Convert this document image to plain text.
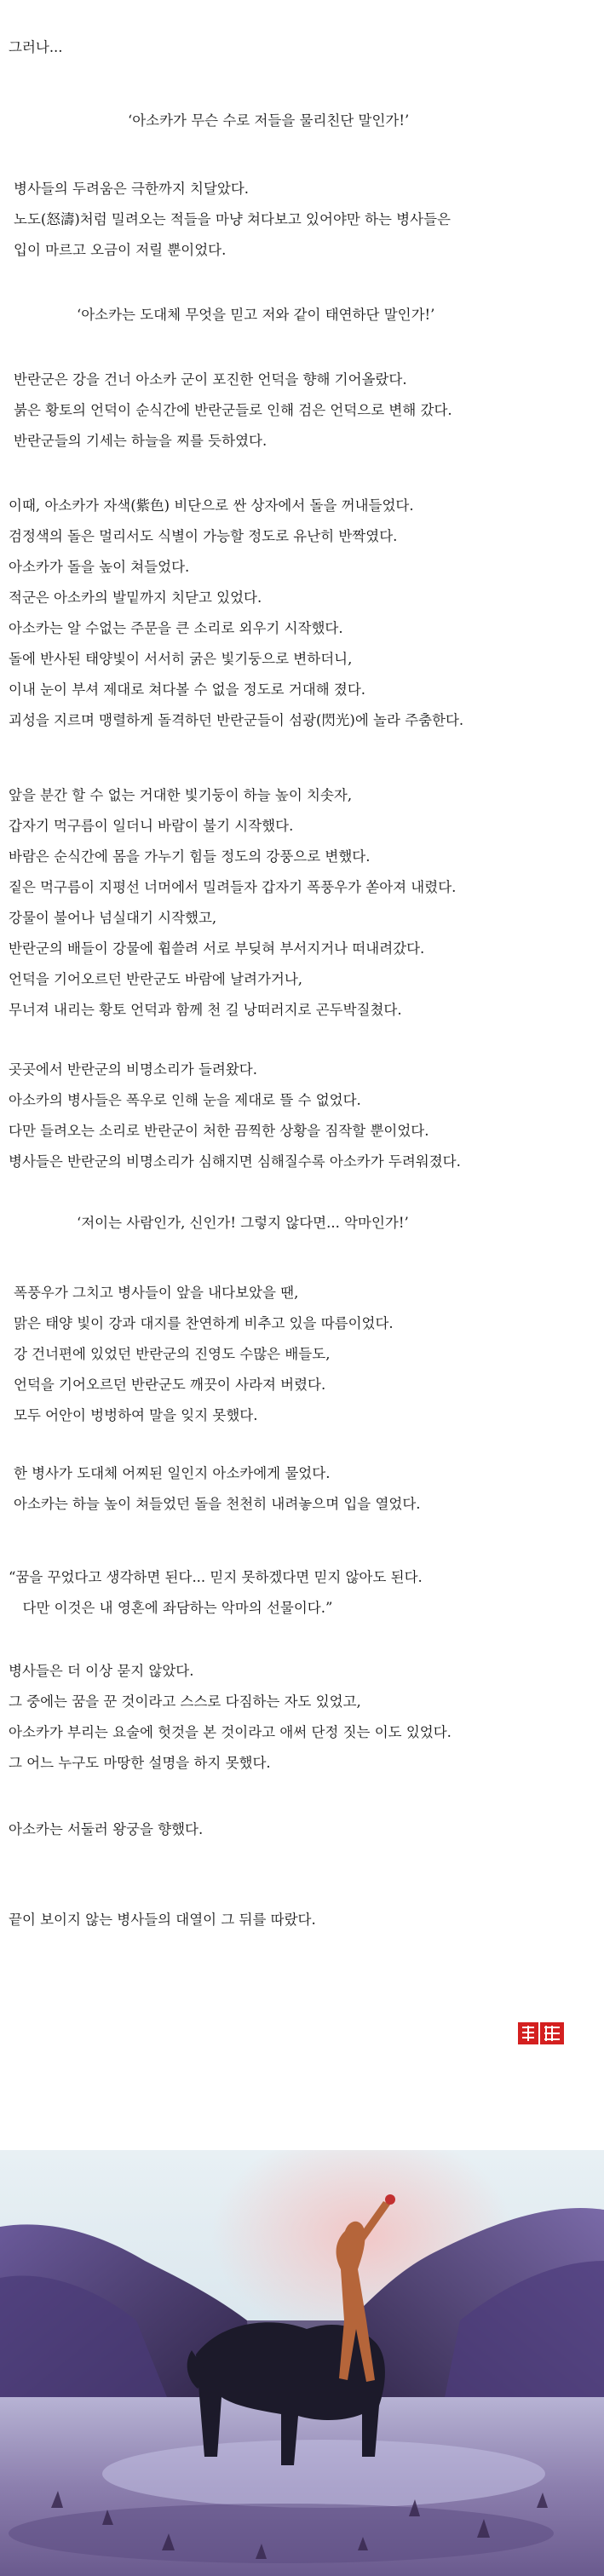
그러나...

‘아소카가 무슨 수로 저들을 물리친단 말인가!’

병사들의 두려움은 극한까지 치달았다.

노도(怒濤)처럼 밀려오는 적들을 마냥 쳐다보고 있어야만 하는 병사들은

입이 마르고 오금이 저릴 뿐이었다.

‘아소카는 도대체 무엇을 믿고 저와 같이 태연하단 말인가!’

반란군은 강을 건너 아소카 군이 포진한 언덕을 향해 기어올랐다.

붉은 황토의 언덕이 순식간에 반란군들로 인해 검은 언덕으로 변해 갔다.

반란군들의 기세는 하늘을 찌를 듯하였다.

이때, 아소카가 자색(紫色) 비단으로 싼 상자에서 돌을 꺼내들었다.

검정색의 돌은 멀리서도 식별이 가능할 정도로 유난히 반짝였다.

아소카가 돌을 높이 쳐들었다.

적군은 아소카의 발밑까지 치닫고 있었다.

아소카는 알 수없는 주문을 큰 소리로 외우기 시작했다.

돌에 반사된 태양빛이 서서히 굵은 빛기둥으로 변하더니,

이내 눈이 부셔 제대로 쳐다볼 수 없을 정도로 거대해 졌다.

괴성을 지르며 맹렬하게 돌격하던 반란군들이 섬광(閃光)에 놀라 주춤한다.

앞을 분간 할 수 없는 거대한 빛기둥이 하늘 높이 치솟자,

갑자기 먹구름이 일더니 바람이 불기 시작했다.

바람은 순식간에 몸을 가누기 힘들 정도의 강풍으로 변했다.

짙은 먹구름이 지평선 너머에서 밀려들자 갑자기 폭풍우가 쏟아져 내렸다.

강물이 불어나 넘실대기 시작했고,

반란군의 배들이 강물에 휩쓸려 서로 부딪혀 부서지거나 떠내려갔다.

언덕을 기어오르던 반란군도 바람에 날려가거나,

무너져 내리는 황토 언덕과 함께 천 길 낭떠러지로 곤두박질쳤다.

곳곳에서 반란군의 비명소리가 들려왔다.

아소카의 병사들은 폭우로 인해 눈을 제대로 뜰 수 없었다.

다만 들려오는 소리로 반란군이 처한 끔찍한 상황을 짐작할 뿐이었다.

병사들은 반란군의 비명소리가 심해지면 심해질수록 아소카가 두려워졌다.

‘저이는 사람인가, 신인가! 그렇지 않다면... 악마인가!’

폭풍우가 그치고 병사들이 앞을 내다보았을 땐,

맑은 태양 빛이 강과 대지를 찬연하게 비추고 있을 따름이었다.

강 건너편에 있었던 반란군의 진영도 수많은 배들도,

언덕을 기어오르던 반란군도 깨끗이 사라져 버렸다.

모두 어안이 벙벙하여 말을 잊지 못했다.

한 병사가 도대체 어찌된 일인지 아소카에게 물었다.

아소카는 하늘 높이 쳐들었던 돌을 천천히 내려놓으며 입을 열었다.

“꿈을 꾸었다고 생각하면 된다... 믿지 못하겠다면 믿지 않아도 된다.

　다만 이것은 내 영혼에 좌담하는 악마의 선물이다.”

병사들은 더 이상 묻지 않았다.

그 중에는 꿈을 꾼 것이라고 스스로 다짐하는 자도 있었고,

아소카가 부리는 요술에 헛것을 본 것이라고 애써 단정 짓는 이도 있었다.

그 어느 누구도 마땅한 설명을 하지 못했다.

아소카는 서둘러 왕궁을 향했다.

끝이 보이지 않는 병사들의 대열이 그 뒤를 따랐다.
